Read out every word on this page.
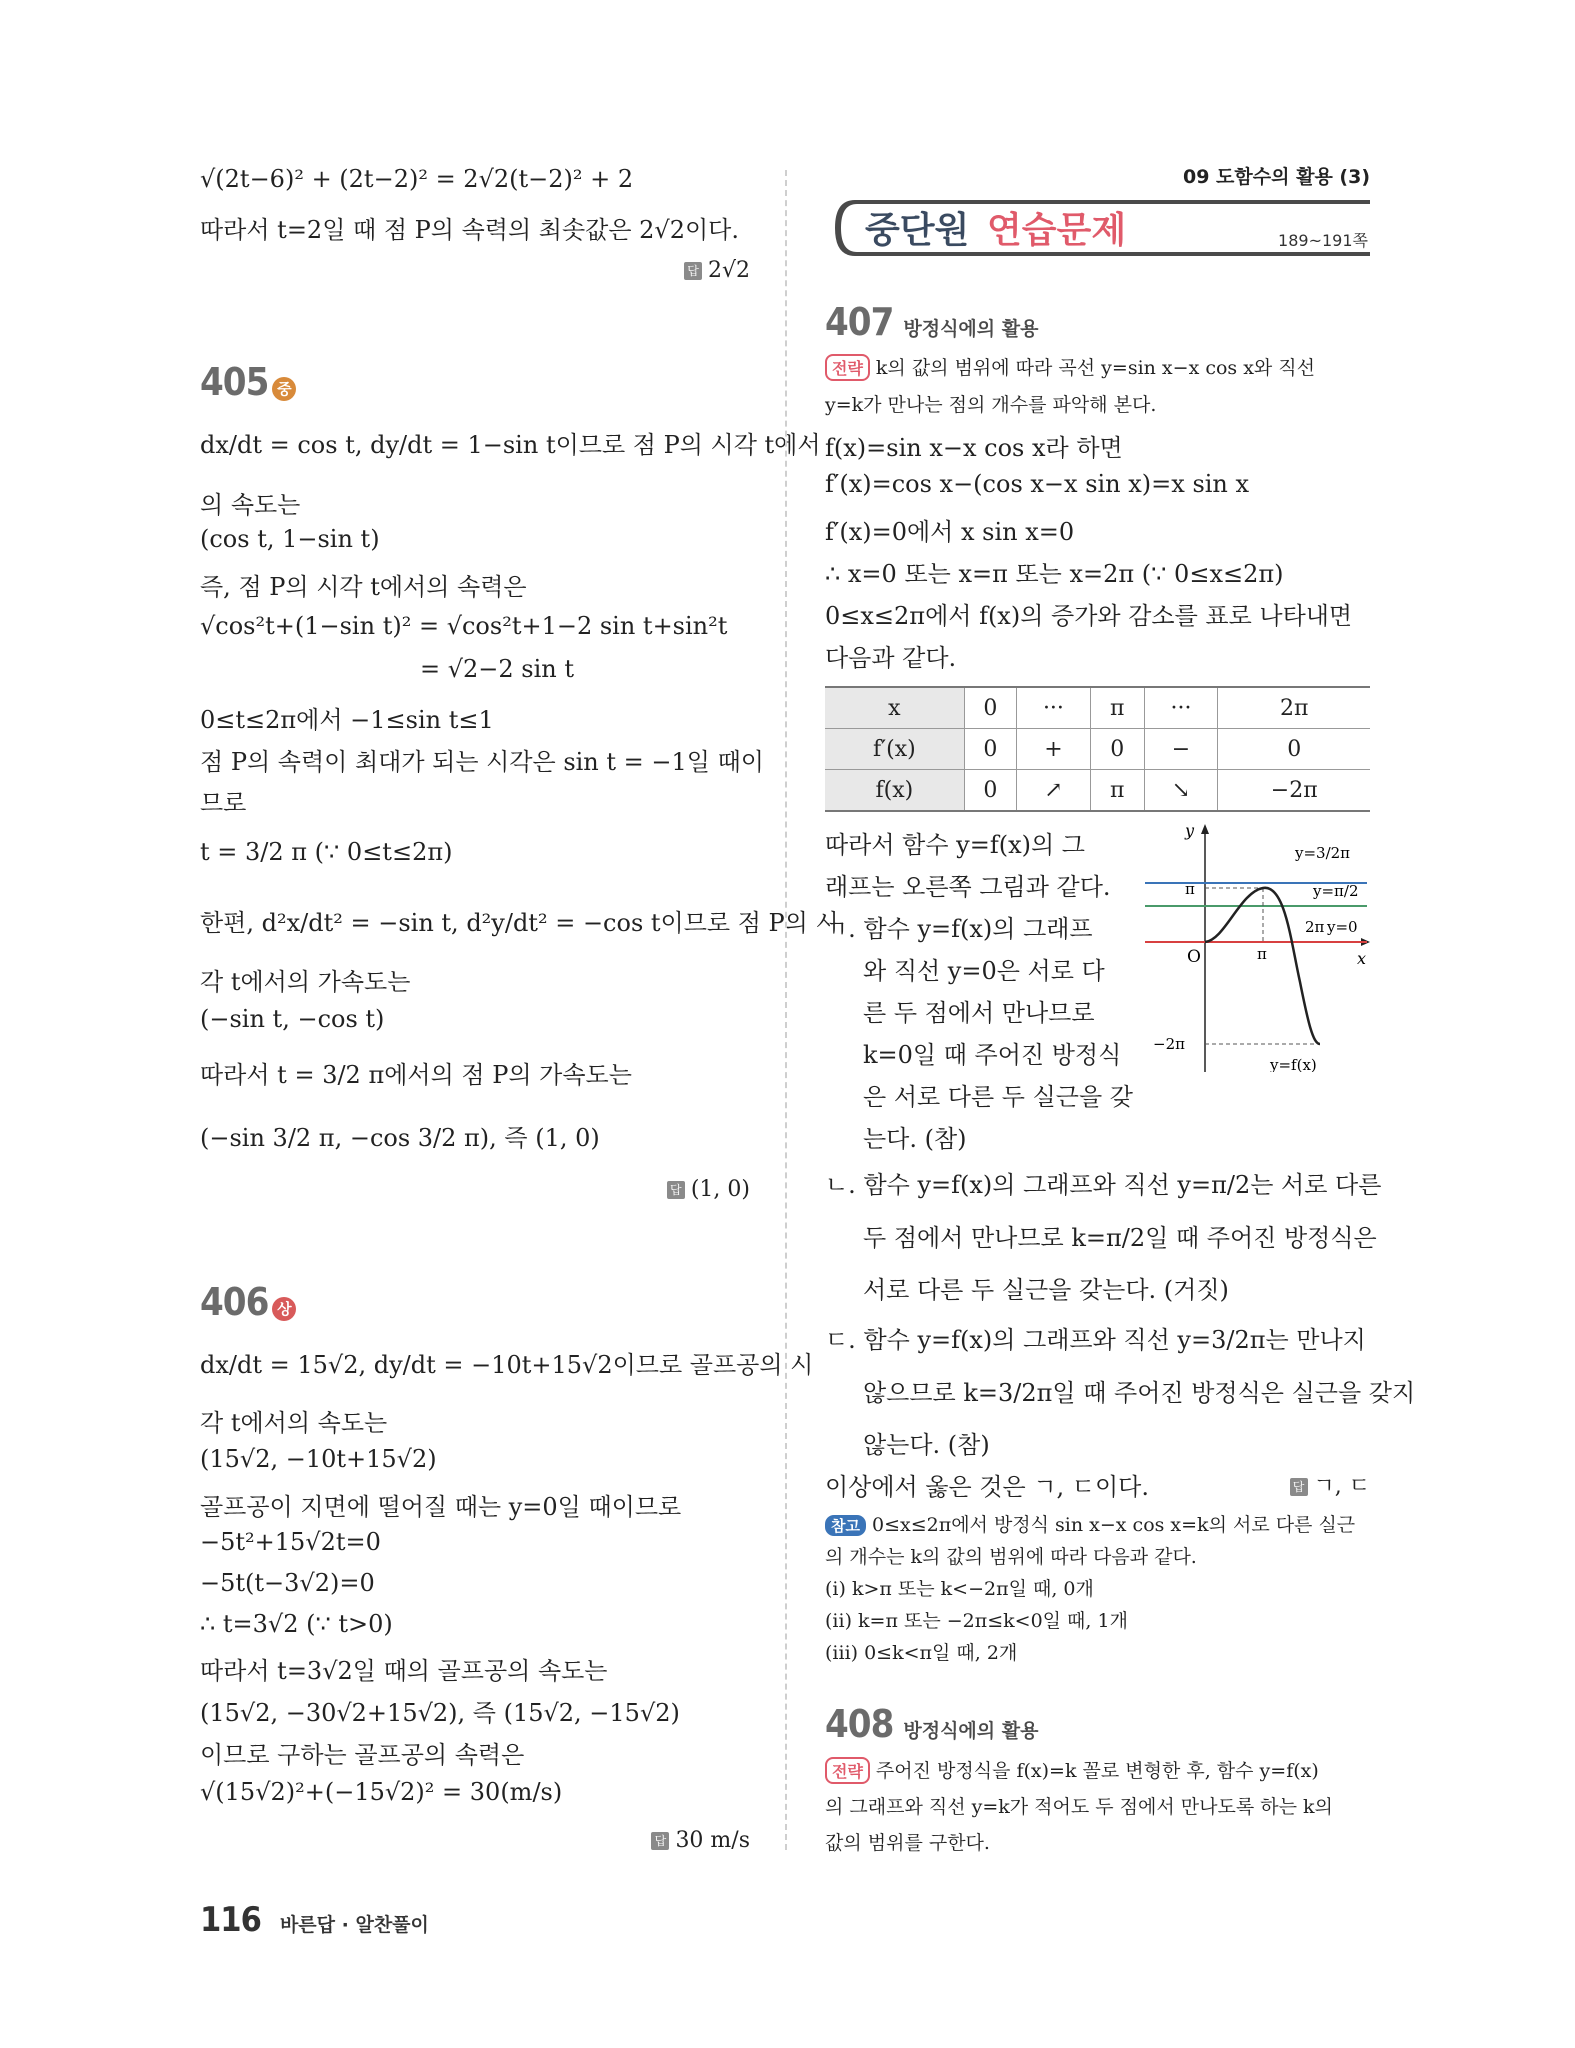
√(2t−6)² + (2t−2)² = 2√2(t−2)² + 2
따라서 t=2일 때 점 P의 속력의 최솟값은 2√2이다.
답 2√2
405 중
dx/dt = cos t, dy/dt = 1−sin t이므로 점 P의 시각 t에서
의 속도는
(cos t, 1−sin t)
즉, 점 P의 시각 t에서의 속력은
√cos²t+(1−sin t)² = √cos²t+1−2 sin t+sin²t
= √2−2 sin t
0≤t≤2π에서 −1≤sin t≤1
점 P의 속력이 최대가 되는 시각은 sin t = −1일 때이
므로
t = 3/2 π (∵ 0≤t≤2π)
한편, d²x/dt² = −sin t, d²y/dt² = −cos t이므로 점 P의 시
각 t에서의 가속도는
(−sin t, −cos t)
따라서 t = 3/2 π에서의 점 P의 가속도는
(−sin 3/2 π, −cos 3/2 π), 즉 (1, 0)
답 (1, 0)
406 상
dx/dt = 15√2, dy/dt = −10t+15√2이므로 골프공의 시
각 t에서의 속도는
(15√2, −10t+15√2)
골프공이 지면에 떨어질 때는 y=0일 때이므로
−5t²+15√2t=0
−5t(t−3√2)=0
∴ t=3√2 (∵ t>0)
따라서 t=3√2일 때의 골프공의 속도는
(15√2, −30√2+15√2), 즉 (15√2, −15√2)
이므로 구하는 골프공의 속력은
√(15√2)²+(−15√2)² = 30(m/s)
답 30 m/s
09 도함수의 활용 (3)
중단원 연습문제	189~191쪽
407 방정식에의 활용
전략 k의 값의 범위에 따라 곡선 y=sin x−x cos x와 직선
y=k가 만나는 점의 개수를 파악해 본다.
f(x)=sin x−x cos x라 하면
f′(x)=cos x−(cos x−x sin x)=x sin x
f′(x)=0에서 x sin x=0
∴ x=0 또는 x=π 또는 x=2π (∵ 0≤x≤2π)
0≤x≤2π에서 f(x)의 증가와 감소를 표로 나타내면
다음과 같다.
x	0	···	π	···	2π
f′(x)	0	+	0	−	0
f(x)	0	↗	π	↘	−2π
따라서 함수 y=f(x)의 그
래프는 오른쪽 그림과 같다.
ㄱ. 함수 y=f(x)의 그래프
와 직선 y=0은 서로 다
른 두 점에서 만나므로
k=0일 때 주어진 방정식
은 서로 다른 두 실근을 갖
는다. (참)
y
x
O
π
π
−2π
2π
y=3/2π
y=π/2
y=0
y=f(x)
ㄴ. 함수 y=f(x)의 그래프와 직선 y=π/2는 서로 다른
두 점에서 만나므로 k=π/2일 때 주어진 방정식은
서로 다른 두 실근을 갖는다. (거짓)
ㄷ. 함수 y=f(x)의 그래프와 직선 y=3/2π는 만나지
않으므로 k=3/2π일 때 주어진 방정식은 실근을 갖지
않는다. (참)
이상에서 옳은 것은 ㄱ, ㄷ이다.	답 ㄱ, ㄷ
참고 0≤x≤2π에서 방정식 sin x−x cos x=k의 서로 다른 실근
의 개수는 k의 값의 범위에 따라 다음과 같다.
(i) k>π 또는 k<−2π일 때, 0개
(ii) k=π 또는 −2π≤k<0일 때, 1개
(iii) 0≤k<π일 때, 2개
408 방정식에의 활용
전략 주어진 방정식을 f(x)=k 꼴로 변형한 후, 함수 y=f(x)
의 그래프와 직선 y=k가 적어도 두 점에서 만나도록 하는 k의
값의 범위를 구한다.
116 바른답 · 알찬풀이
